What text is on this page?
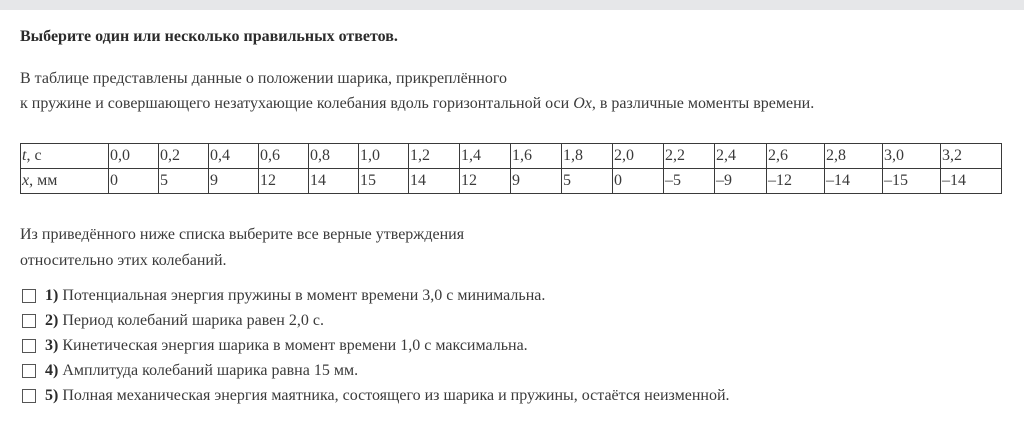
Выберите один или несколько правильных ответов.
В таблице представлены данные о положении шарика, прикреплённого
к пружине и совершающего незатухающие колебания вдоль горизонтальной оси Ox, в различные моменты времени.
t, с	0,0	0,2	0,4	0,6	0,8	1,0	1,2	1,4	1,6	1,8	2,0	2,2	2,4	2,6	2,8	3,0	3,2
x, мм	0	5	9	12	14	15	14	12	9	5	0	–5	–9	–12	–14	–15	–14
Из приведённого ниже списка выберите все верные утверждения
относительно этих колебаний.
1) Потенциальная энергия пружины в момент времени 3,0 с минимальна.
2) Период колебаний шарика равен 2,0 с.
3) Кинетическая энергия шарика в момент времени 1,0 с максимальна.
4) Амплитуда колебаний шарика равна 15 мм.
5) Полная механическая энергия маятника, состоящего из шарика и пружины, остаётся неизменной.
